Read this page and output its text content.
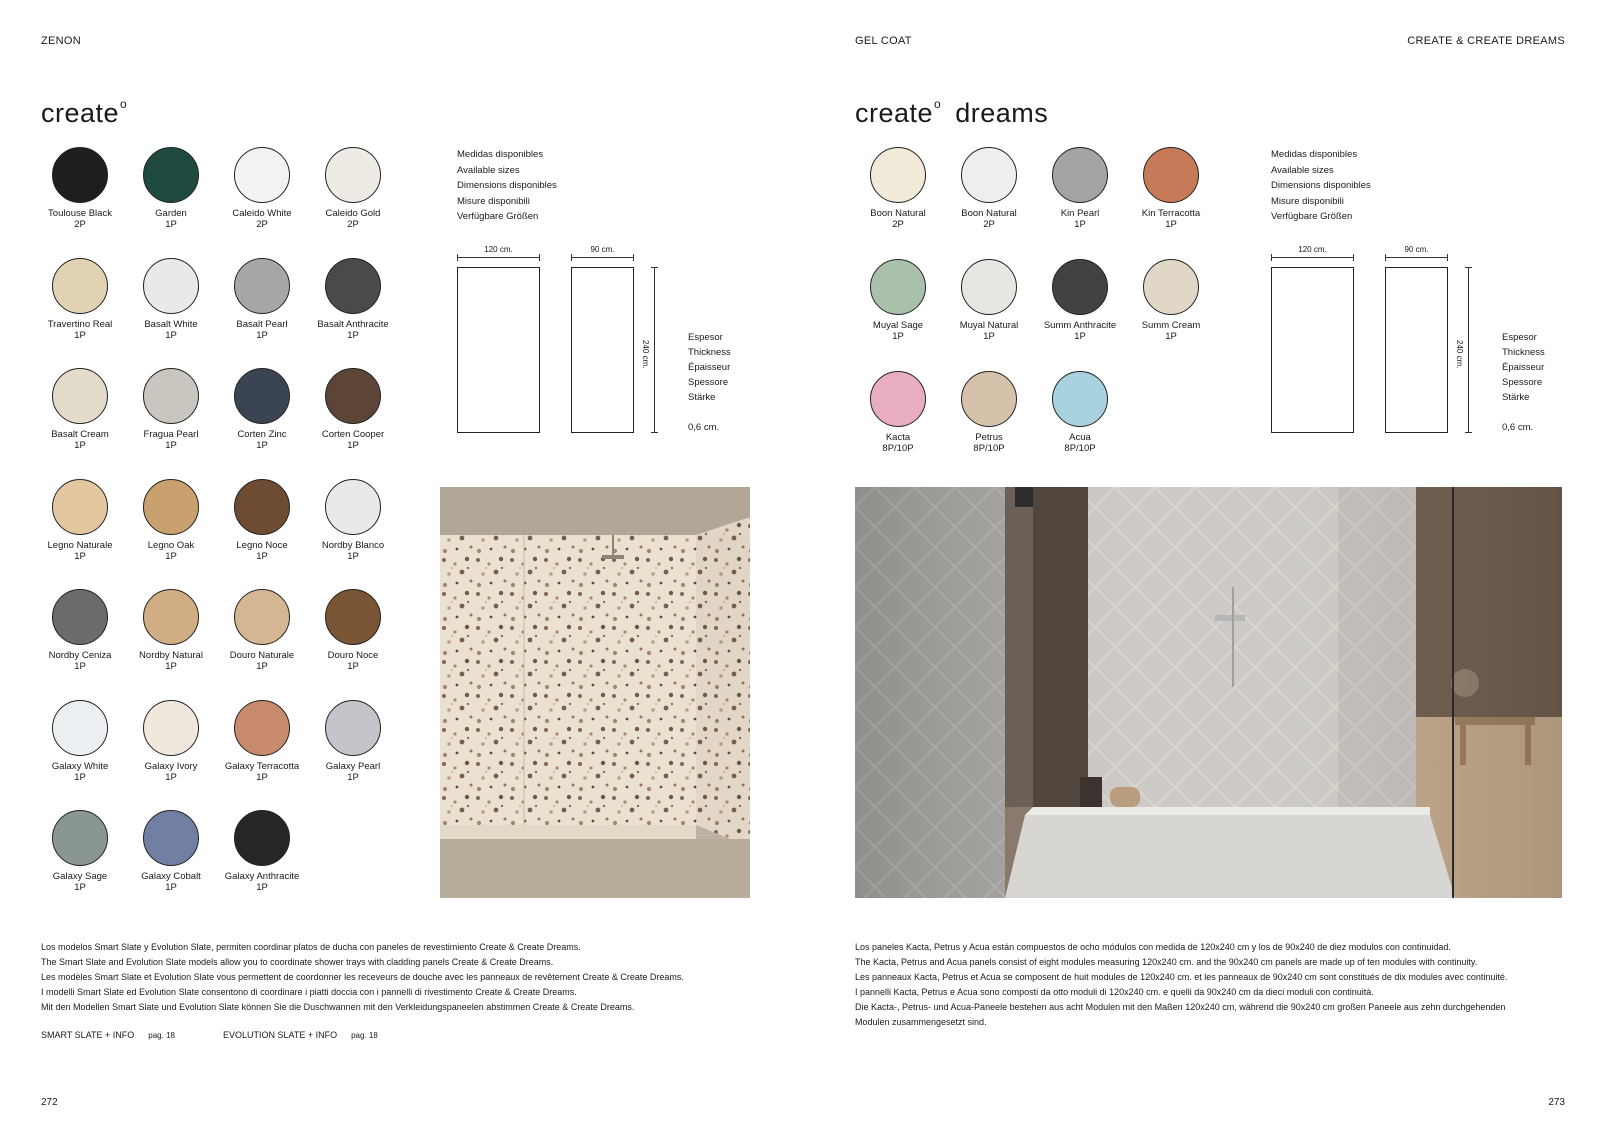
ZENON	GEL COAT	CREATE & CREATE DREAMS
create$^o$	create$^o$ dreams
Toulouse Black
2P
Garden
1P
Caleido White
2P
Caleido Gold
2P
Travertino Real
1P
Basalt White
1P
Basalt Pearl
1P
Basalt Anthracite
1P
Basalt Cream
1P
Fragua Pearl
1P
Corten Zinc
1P
Corten Cooper
1P
Legno Naturale
1P
Legno Oak
1P
Legno Noce
1P
Nordby Blanco
1P
Nordby Ceniza
1P
Nordby Natural
1P
Douro Naturale
1P
Douro Noce
1P
Galaxy White
1P
Galaxy Ivory
1P
Galaxy Terracotta
1P
Galaxy Pearl
1P
Galaxy Sage
1P
Galaxy Cobalt
1P
Galaxy Anthracite
1P
Boon Natural
2P
Boon Natural
2P
Kin Pearl
1P
Kin Terracotta
1P
Muyal Sage
1P
Muyal Natural
1P
Summ Anthracite
1P
Summ Cream
1P
Kacta
8P/10P
Petrus
8P/10P
Acua
8P/10P
Medidas disponibles
Available sizes
Dimensions disponibles
Misure disponibili
Verfügbare Größen
120 cm.	90 cm.
240 cm.
Espesor
Thickness
Épaisseur
Spessore
Stärke
0,6 cm.
Medidas disponibles
Available sizes
Dimensions disponibles
Misure disponibili
Verfügbare Größen
120 cm.	90 cm.
240 cm.
Espesor
Thickness
Épaisseur
Spessore
Stärke
0,6 cm.
Los modelos Smart Slate y Evolution Slate, permiten coordinar platos de ducha con paneles de revestimiento Create & Create Dreams.
The Smart Slate and Evolution Slate models allow you to coordinate shower trays with cladding panels Create & Create Dreams.
Les modèles Smart Slate et Evolution Slate vous permettent de coordonner les receveurs de douche avec les panneaux de revêtement Create & Create Dreams.
I modelli Smart Slate ed Evolution Slate consentono di coordinare i piatti doccia con i pannelli di rivestimento Create & Create Dreams.
Mit den Modellen Smart Slate und Evolution Slate können Sie die Duschwannen mit den Verkleidungspaneelen abstimmen Create & Create Dreams.
SMART SLATE + INFO pag. 18	EVOLUTION SLATE + INFO pag. 18
Los paneles Kacta, Petrus y Acua están compuestos de ocho módulos con medida de 120x240 cm y los de 90x240 de diez modulos con continuidad.
The Kacta, Petrus and Acua panels consist of eight modules measuring 120x240 cm. and the 90x240 cm panels are made up of ten modules with continuity.
Les panneaux Kacta, Petrus et Acua se composent de huit modules de 120x240 cm. et les panneaux de 90x240 cm sont constitués de dix modules avec continuité.
I pannelli Kacta, Petrus e Acua sono composti da otto moduli di 120x240 cm. e quelli da 90x240 cm da dieci moduli con continuità.
Die Kacta-, Petrus- und Acua-Paneele bestehen aus acht Modulen mit den Maßen 120x240 cm, während die 90x240 cm großen Paneele aus zehn durchgehenden
Modulen zusammengesetzt sind.
272	273
